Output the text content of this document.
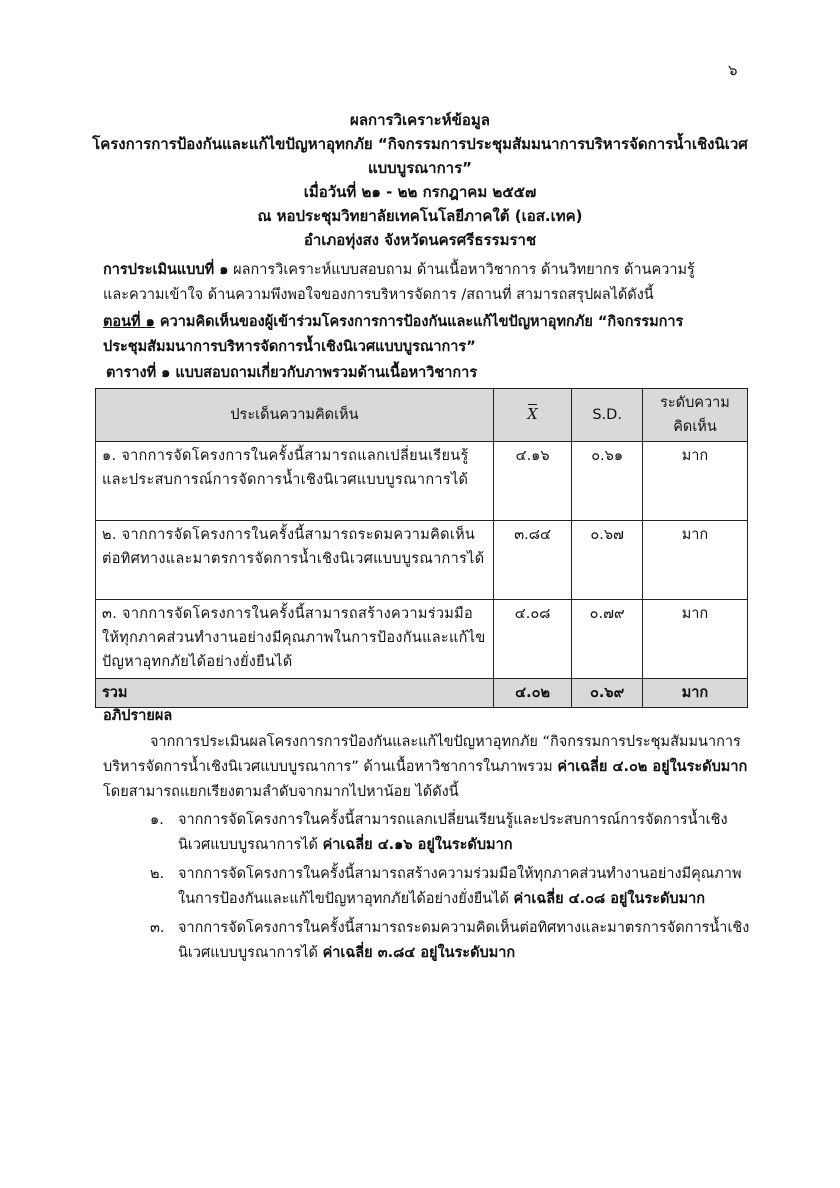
๖
ผลการวิเคราะห์ข้อมูล
โครงการการป้องกันและแก้ไขปัญหาอุทกภัย “กิจกรรมการประชุมสัมมนาการบริหารจัดการน้ำเชิงนิเวศ
แบบบูรณาการ”
เมื่อวันที่ ๒๑ - ๒๒ กรกฎาคม ๒๕๕๗
ณ หอประชุมวิทยาลัยเทคโนโลยีภาคใต้ (เอส.เทค)
อำเภอทุ่งสง จังหวัดนครศรีธรรมราช
การประเมินแบบที่ ๑ ผลการวิเคราะห์แบบสอบถาม ด้านเนื้อหาวิชาการ ด้านวิทยากร ด้านความรู้
และความเข้าใจ ด้านความพึงพอใจของการบริหารจัดการ /สถานที่ สามารถสรุปผลได้ดังนี้
ตอนที่ ๑ ความคิดเห็นของผู้เข้าร่วมโครงการการป้องกันและแก้ไขปัญหาอุทกภัย “กิจกรรมการ
ประชุมสัมมนาการบริหารจัดการน้ำเชิงนิเวศแบบบูรณาการ”
ตารางที่ ๑ แบบสอบถามเกี่ยวกับภาพรวมด้านเนื้อหาวิชาการ
ประเด็นความคิดเห็น	X	S.D.	ระดับความ
คิดเห็น

๑. จากการจัดโครงการในครั้งนี้สามารถแลกเปลี่ยนเรียนรู้และประสบการณ์การจัดการน้ำเชิงนิเวศแบบบูรณาการได้	๔.๑๖	๐.๖๑	มาก
๒. จากการจัดโครงการในครั้งนี้สามารถระดมความคิดเห็นต่อทิศทางและมาตรการจัดการน้ำเชิงนิเวศแบบบูรณาการได้	๓.๘๔	๐.๖๗	มาก
๓. จากการจัดโครงการในครั้งนี้สามารถสร้างความร่วมมือให้ทุกภาคส่วนทำงานอย่างมีคุณภาพในการป้องกันและแก้ไขปัญหาอุทกภัยได้อย่างยั่งยืนได้	๔.๐๘	๐.๗๙	มาก
รวม	๔.๐๒	๐.๖๙	มาก
อภิปรายผล
จากการประเมินผลโครงการการป้องกันและแก้ไขปัญหาอุทกภัย “กิจกรรมการประชุมสัมมนาการ
บริหารจัดการน้ำเชิงนิเวศแบบบูรณาการ” ด้านเนื้อหาวิชาการในภาพรวม ค่าเฉลี่ย ๔.๐๒ อยู่ในระดับมาก
โดยสามารถแยกเรียงตามลำดับจากมากไปหาน้อย ได้ดังนี้
๑. จากการจัดโครงการในครั้งนี้สามารถแลกเปลี่ยนเรียนรู้และประสบการณ์การจัดการน้ำเชิงนิเวศแบบบูรณาการได้ ค่าเฉลี่ย ๔.๑๖ อยู่ในระดับมาก
๒. จากการจัดโครงการในครั้งนี้สามารถสร้างความร่วมมือให้ทุกภาคส่วนทำงานอย่างมีคุณภาพในการป้องกันและแก้ไขปัญหาอุทกภัยได้อย่างยั่งยืนได้ ค่าเฉลี่ย ๔.๐๘ อยู่ในระดับมาก
๓. จากการจัดโครงการในครั้งนี้สามารถระดมความคิดเห็นต่อทิศทางและมาตรการจัดการน้ำเชิงนิเวศแบบบูรณาการได้ ค่าเฉลี่ย ๓.๘๔ อยู่ในระดับมาก
